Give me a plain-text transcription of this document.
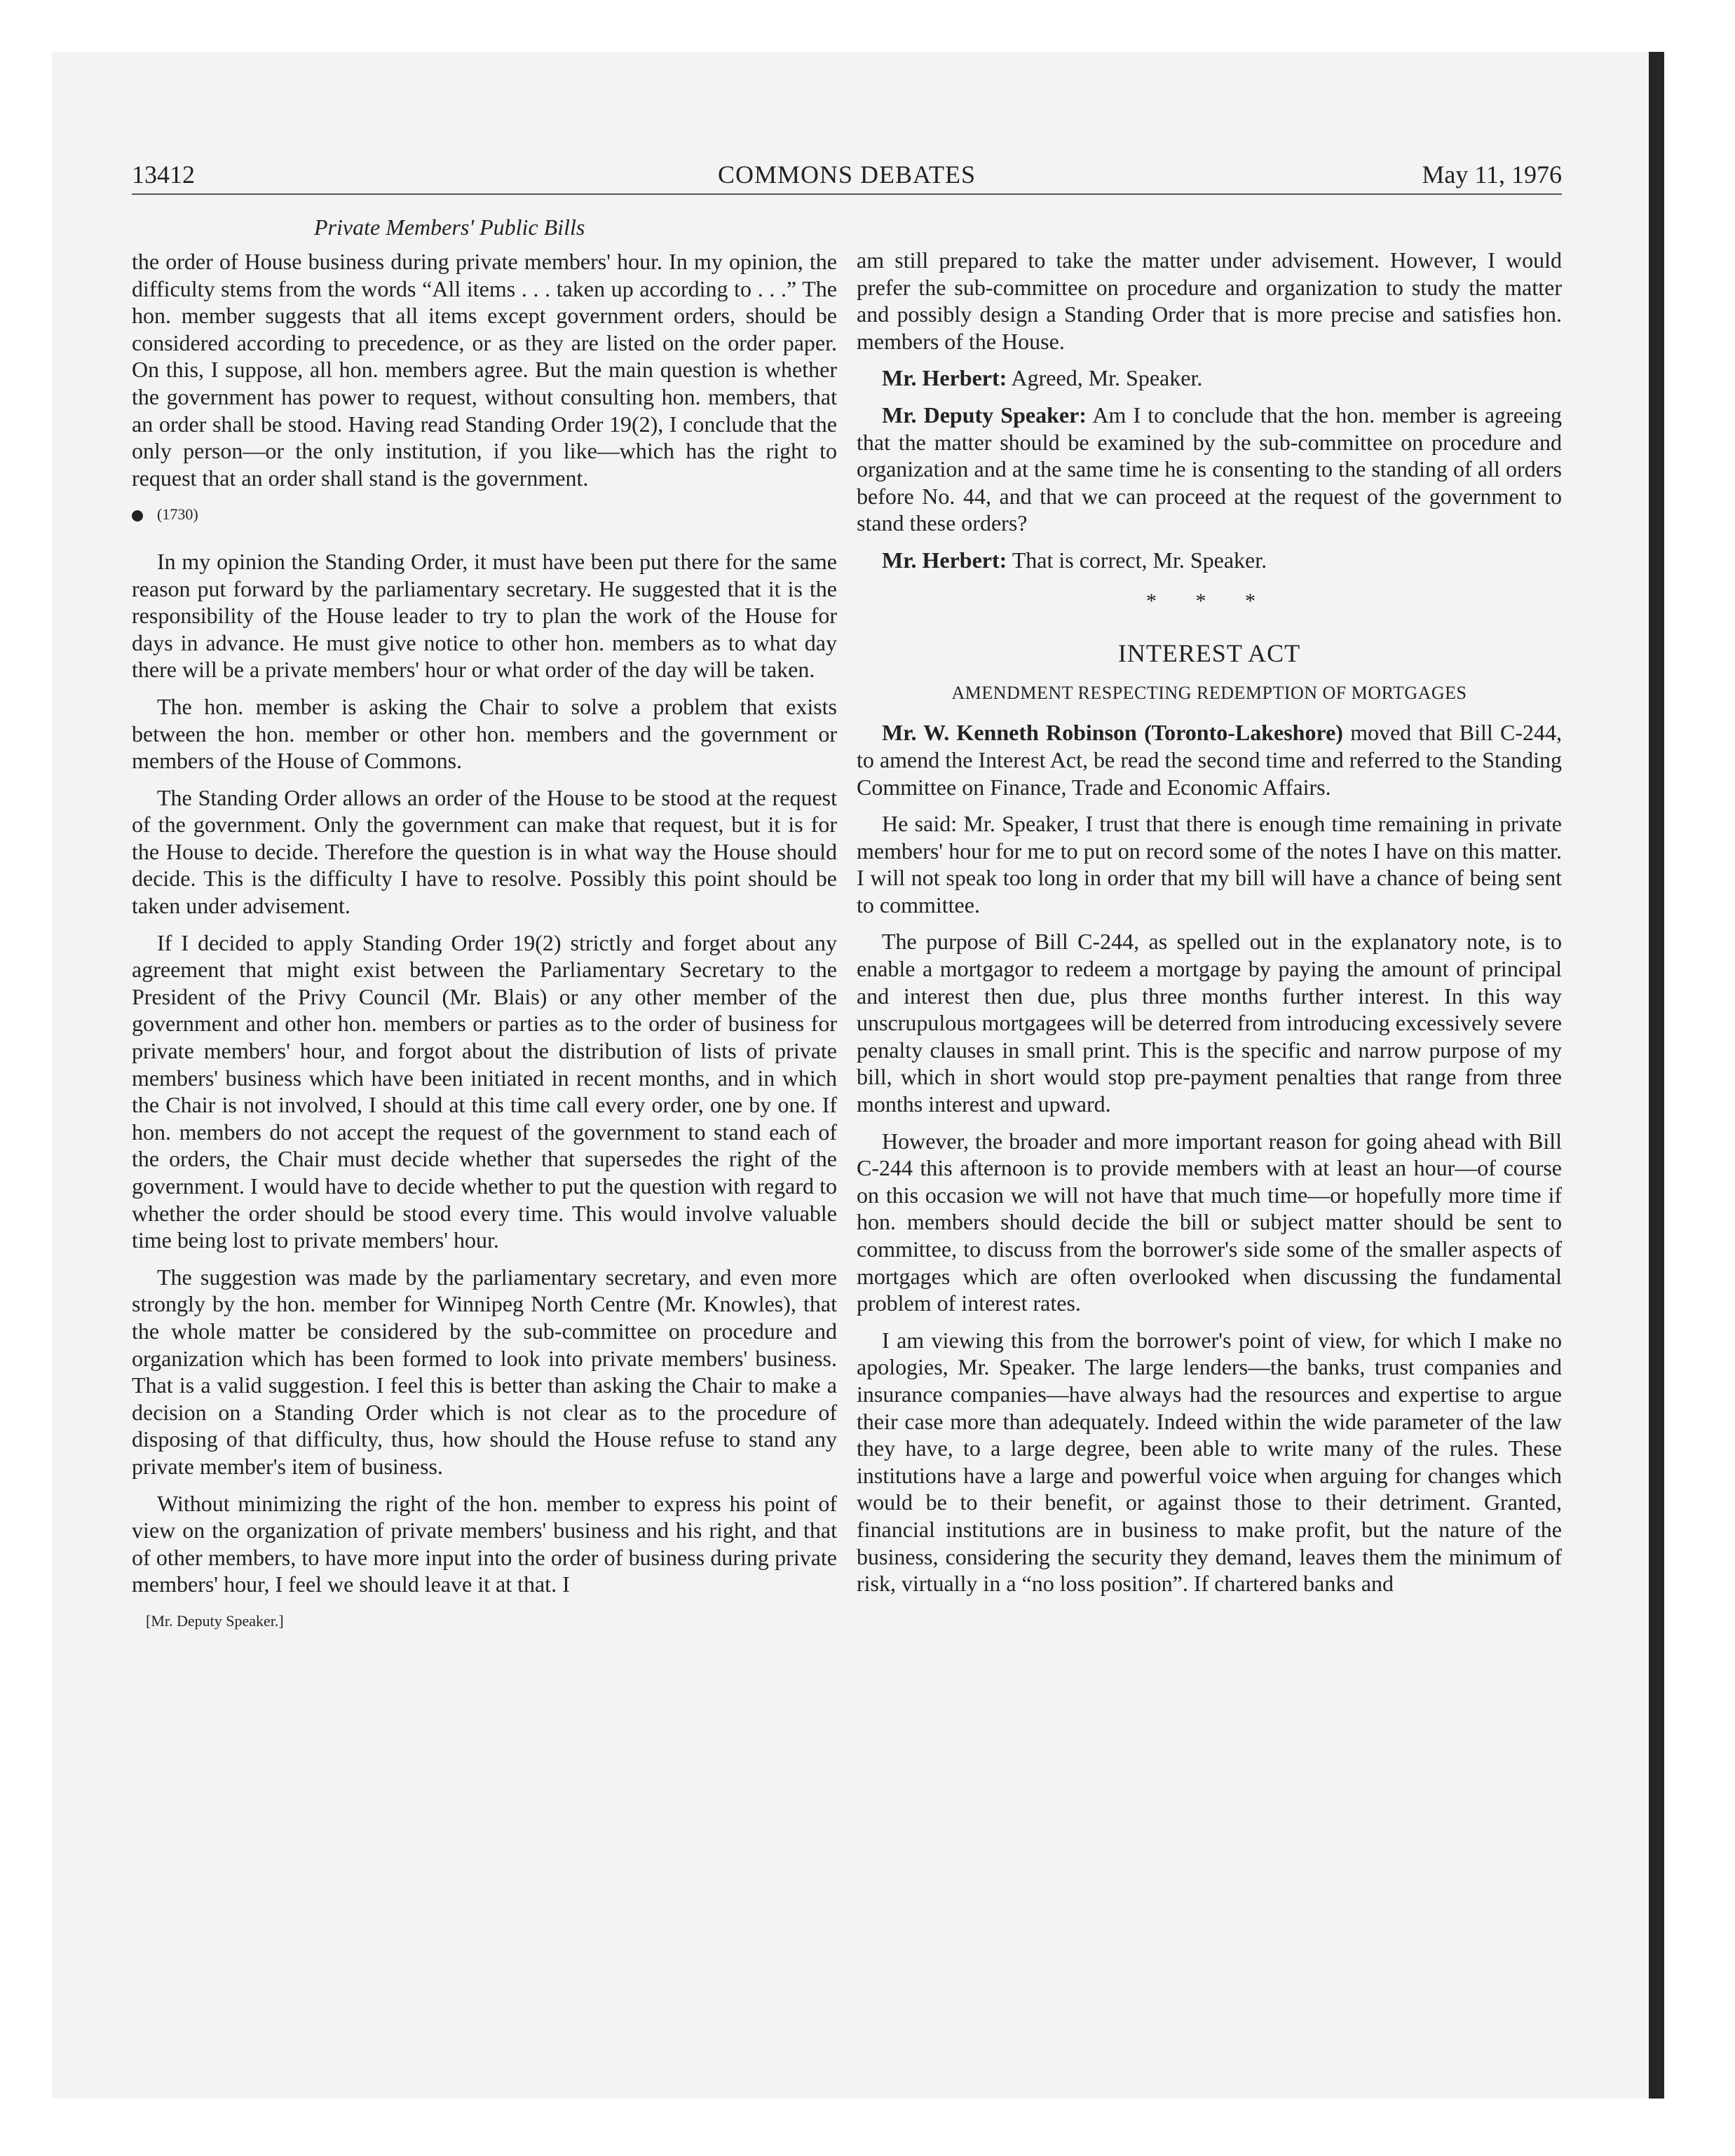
13412	COMMONS DEBATES	May 11, 1976
Private Members' Public Bills

the order of House business during private members' hour. In my opinion, the difficulty stems from the words “All items . . . taken up according to . . .” The hon. member suggests that all items except government orders, should be considered according to precedence, or as they are listed on the order paper. On this, I suppose, all hon. members agree. But the main question is whether the government has power to request, without consulting hon. members, that an order shall be stood. Having read Standing Order 19(2), I conclude that the only person—or the only institution, if you like—which has the right to request that an order shall stand is the government.

(1730)

In my opinion the Standing Order, it must have been put there for the same reason put forward by the parliamentary secretary. He suggested that it is the responsibility of the House leader to try to plan the work of the House for days in advance. He must give notice to other hon. members as to what day there will be a private members' hour or what order of the day will be taken.

The hon. member is asking the Chair to solve a problem that exists between the hon. member or other hon. members and the government or members of the House of Commons.

The Standing Order allows an order of the House to be stood at the request of the government. Only the government can make that request, but it is for the House to decide. Therefore the question is in what way the House should decide. This is the difficulty I have to resolve. Possibly this point should be taken under advisement.

If I decided to apply Standing Order 19(2) strictly and forget about any agreement that might exist between the Parliamentary Secretary to the President of the Privy Council (Mr. Blais) or any other member of the government and other hon. members or parties as to the order of business for private members' hour, and forgot about the distribution of lists of private members' business which have been initiated in recent months, and in which the Chair is not involved, I should at this time call every order, one by one. If hon. members do not accept the request of the government to stand each of the orders, the Chair must decide whether that supersedes the right of the government. I would have to decide whether to put the question with regard to whether the order should be stood every time. This would involve valuable time being lost to private members' hour.

The suggestion was made by the parliamentary secretary, and even more strongly by the hon. member for Winnipeg North Centre (Mr. Knowles), that the whole matter be considered by the sub-committee on procedure and organization which has been formed to look into private members' business. That is a valid suggestion. I feel this is better than asking the Chair to make a decision on a Standing Order which is not clear as to the procedure of disposing of that difficulty, thus, how should the House refuse to stand any private member's item of business.

Without minimizing the right of the hon. member to express his point of view on the organization of private members' business and his right, and that of other members, to have more input into the order of business during private members' hour, I feel we should leave it at that. I

[Mr. Deputy Speaker.]

am still prepared to take the matter under advisement. However, I would prefer the sub-committee on procedure and organization to study the matter and possibly design a Standing Order that is more precise and satisfies hon. members of the House.

Mr. Herbert: Agreed, Mr. Speaker.

Mr. Deputy Speaker: Am I to conclude that the hon. member is agreeing that the matter should be examined by the sub-committee on procedure and organization and at the same time he is consenting to the standing of all orders before No. 44, and that we can proceed at the request of the government to stand these orders?

Mr. Herbert: That is correct, Mr. Speaker.

* * *
INTEREST ACT
AMENDMENT RESPECTING REDEMPTION OF MORTGAGES

Mr. W. Kenneth Robinson (Toronto-Lakeshore) moved that Bill C-244, to amend the Interest Act, be read the second time and referred to the Standing Committee on Finance, Trade and Economic Affairs.

He said: Mr. Speaker, I trust that there is enough time remaining in private members' hour for me to put on record some of the notes I have on this matter. I will not speak too long in order that my bill will have a chance of being sent to committee.

The purpose of Bill C-244, as spelled out in the explanatory note, is to enable a mortgagor to redeem a mortgage by paying the amount of principal and interest then due, plus three months further interest. In this way unscrupulous mortgagees will be deterred from introducing excessively severe penalty clauses in small print. This is the specific and narrow purpose of my bill, which in short would stop pre-payment penalties that range from three months interest and upward.

However, the broader and more important reason for going ahead with Bill C-244 this afternoon is to provide members with at least an hour—of course on this occasion we will not have that much time—or hopefully more time if hon. members should decide the bill or subject matter should be sent to committee, to discuss from the borrower's side some of the smaller aspects of mortgages which are often overlooked when discussing the fundamental problem of interest rates.

I am viewing this from the borrower's point of view, for which I make no apologies, Mr. Speaker. The large lenders—the banks, trust companies and insurance companies—have always had the resources and expertise to argue their case more than adequately. Indeed within the wide parameter of the law they have, to a large degree, been able to write many of the rules. These institutions have a large and powerful voice when arguing for changes which would be to their benefit, or against those to their detriment. Granted, financial institutions are in business to make profit, but the nature of the business, considering the security they demand, leaves them the minimum of risk, virtually in a “no loss position”. If chartered banks and
